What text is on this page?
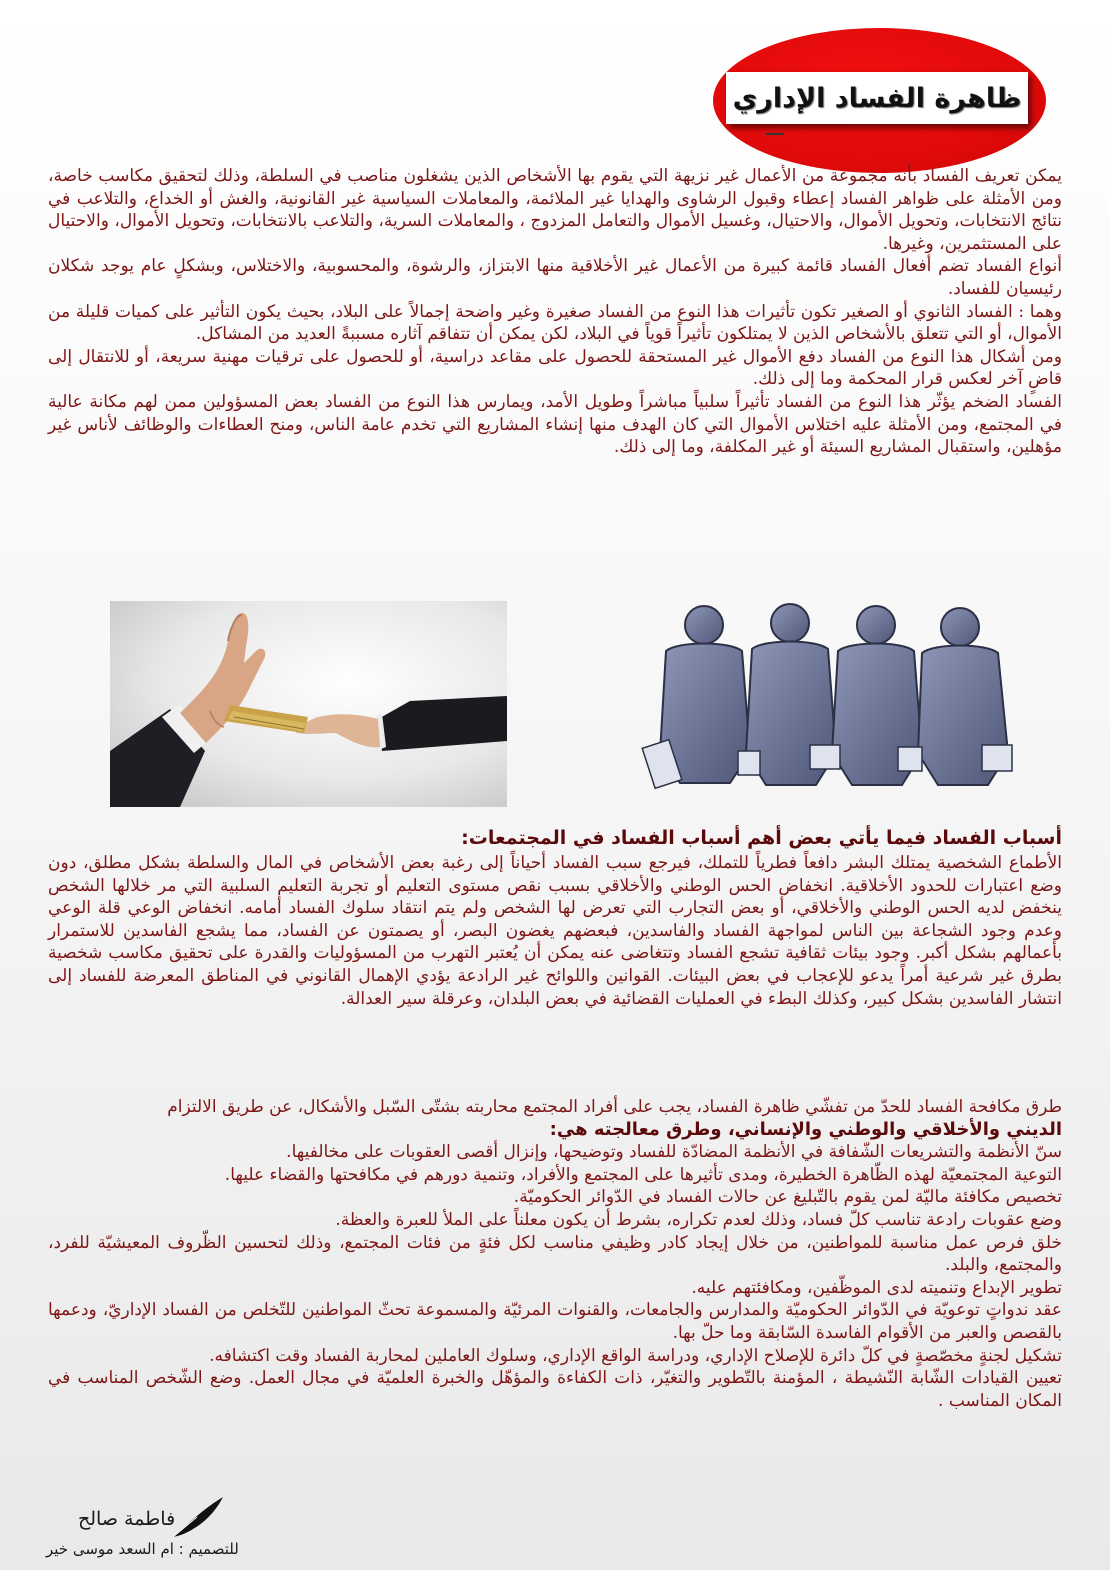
ظاهرة الفساد الإداري

يمكن تعريف الفساد بأنه مجموعة من الأعمال غير نزيهة التي يقوم بها الأشخاص الذين يشغلون مناصب في السلطة، وذلك لتحقيق مكاسب خاصة، ومن الأمثلة على ظواهر الفساد إعطاء وقبول الرشاوى والهدايا غير الملائمة، والمعاملات السياسية غير القانونية، والغش أو الخداع، والتلاعب في نتائج الانتخابات، وتحويل الأموال، والاحتيال، وغسيل الأموال والتعامل المزدوج ، والمعاملات السرية، والتلاعب بالانتخابات، وتحويل الأموال، والاحتيال على المستثمرين، وغيرها.

أنواع الفساد تضم أفعال الفساد قائمة كبيرة من الأعمال غير الأخلاقية منها الابتزاز، والرشوة، والمحسوبية، والاختلاس، وبشكلٍ عام يوجد شكلان رئيسيان للفساد.

وهما : الفساد الثانوي أو الصغير تكون تأثيرات هذا النوع من الفساد صغيرة وغير واضحة إجمالاً على البلاد، بحيث يكون التأثير على كميات قليلة من الأموال، أو التي تتعلق بالأشخاص الذين لا يمتلكون تأثيراً قوياً في البلاد، لكن يمكن أن تتفاقم آثاره مسببةً العديد من المشاكل.

ومن أشكال هذا النوع من الفساد دفع الأموال غير المستحقة للحصول على مقاعد دراسية، أو للحصول على ترقيات مهنية سريعة، أو للانتقال إلى قاضٍ آخر لعكس قرار المحكمة وما إلى ذلك.

الفساد الضخم يؤثّر هذا النوع من الفساد تأثيراً سلبياً مباشراً وطويل الأمد، ويمارس هذا النوع من الفساد بعض المسؤولين ممن لهم مكانة عالية في المجتمع، ومن الأمثلة عليه اختلاس الأموال التي كان الهدف منها إنشاء المشاريع التي تخدم عامة الناس، ومنح العطاءات والوظائف لأناس غير مؤهلين، واستقبال المشاريع السيئة أو غير المكلفة، وما إلى ذلك.

أسباب الفساد فيما يأتي بعض أهم أسباب الفساد في المجتمعات:

الأطماع الشخصية يمتلك البشر دافعاً فطرياً للتملك، فيرجع سبب الفساد أحياناً إلى رغبة بعض الأشخاص في المال والسلطة بشكل مطلق، دون وضع اعتبارات للحدود الأخلاقية. انخفاض الحس الوطني والأخلاقي بسبب نقص مستوى التعليم أو تجربة التعليم السلبية التي مر خلالها الشخص ينخفض لديه الحس الوطني والأخلاقي، أو بعض التجارب التي تعرض لها الشخص ولم يتم انتقاد سلوك الفساد أمامه. انخفاض الوعي قلة الوعي وعدم وجود الشجاعة بين الناس لمواجهة الفساد والفاسدين، فبعضهم يغضون البصر، أو يصمتون عن الفساد، مما يشجع الفاسدين للاستمرار بأعمالهم بشكل أكبر. وجود بيئات ثقافية تشجع الفساد وتتغاضى عنه يمكن أن يُعتبر التهرب من المسؤوليات والقدرة على تحقيق مكاسب شخصية بطرق غير شرعية أمراً يدعو للإعجاب في بعض البيئات. القوانين واللوائح غير الرادعة يؤدي الإهمال القانوني في المناطق المعرضة للفساد إلى انتشار الفاسدين بشكل كبير، وكذلك البطء في العمليات القضائية في بعض البلدان، وعرقلة سير العدالة.

طرق مكافحة الفساد للحدّ من تفشّي ظاهرة الفساد، يجب على أفراد المجتمع محاربته بشتّى السّبل والأشكال، عن طريق الالتزام

الديني والأخلاقي والوطني والإنساني، وطرق معالجته هي:

سنّ الأنظمة والتشريعات الشّفافة في الأنظمة المضادّة للفساد وتوضيحها، وإنزال أقصى العقوبات على مخالفيها.

التوعية المجتمعيّة لهذه الظّاهرة الخطيرة، ومدى تأثيرها على المجتمع والأفراد، وتنمية دورهم في مكافحتها والقضاء عليها.

تخصيص مكافئة ماليّة لمن يقوم بالتّبليغ عن حالات الفساد في الدّوائر الحكوميّة.

وضع عقوبات رادعة تناسب كلّ فساد، وذلك لعدم تكراره، بشرط أن يكون معلناً على الملأ للعبرة والعظة.

خلق فرص عمل مناسبة للمواطنين، من خلال إيجاد كادر وظيفي مناسب لكل فئةٍ من فئات المجتمع، وذلك لتحسين الظّروف المعيشيّة للفرد، والمجتمع، والبلد.

تطوير الإبداع وتنميته لدى الموظّفين، ومكافئتهم عليه.

عقد ندواتٍ توعويّة في الدّوائر الحكوميّة والمدارس والجامعات، والقنوات المرئيّة والمسموعة تحثّ المواطنين للتّخلص من الفساد الإداريّ، ودعمها بالقصص والعبر من الأقوام الفاسدة السّابقة وما حلّ بها.

تشكيل لجنةٍ مخصّصةٍ في كلّ دائرة للإصلاح الإداري، ودراسة الواقع الإداري، وسلوك العاملين لمحاربة الفساد وقت اكتشافه.

تعيين القيادات الشّابة النّشيطة ، المؤمنة بالتّطوير والتغيّر، ذات الكفاءة والمؤهّل والخبرة العلميّة في مجال العمل. وضع الشّخص المناسب في المكان المناسب .

فاطمة صالح
للتصميم : ام السعد موسى خير
